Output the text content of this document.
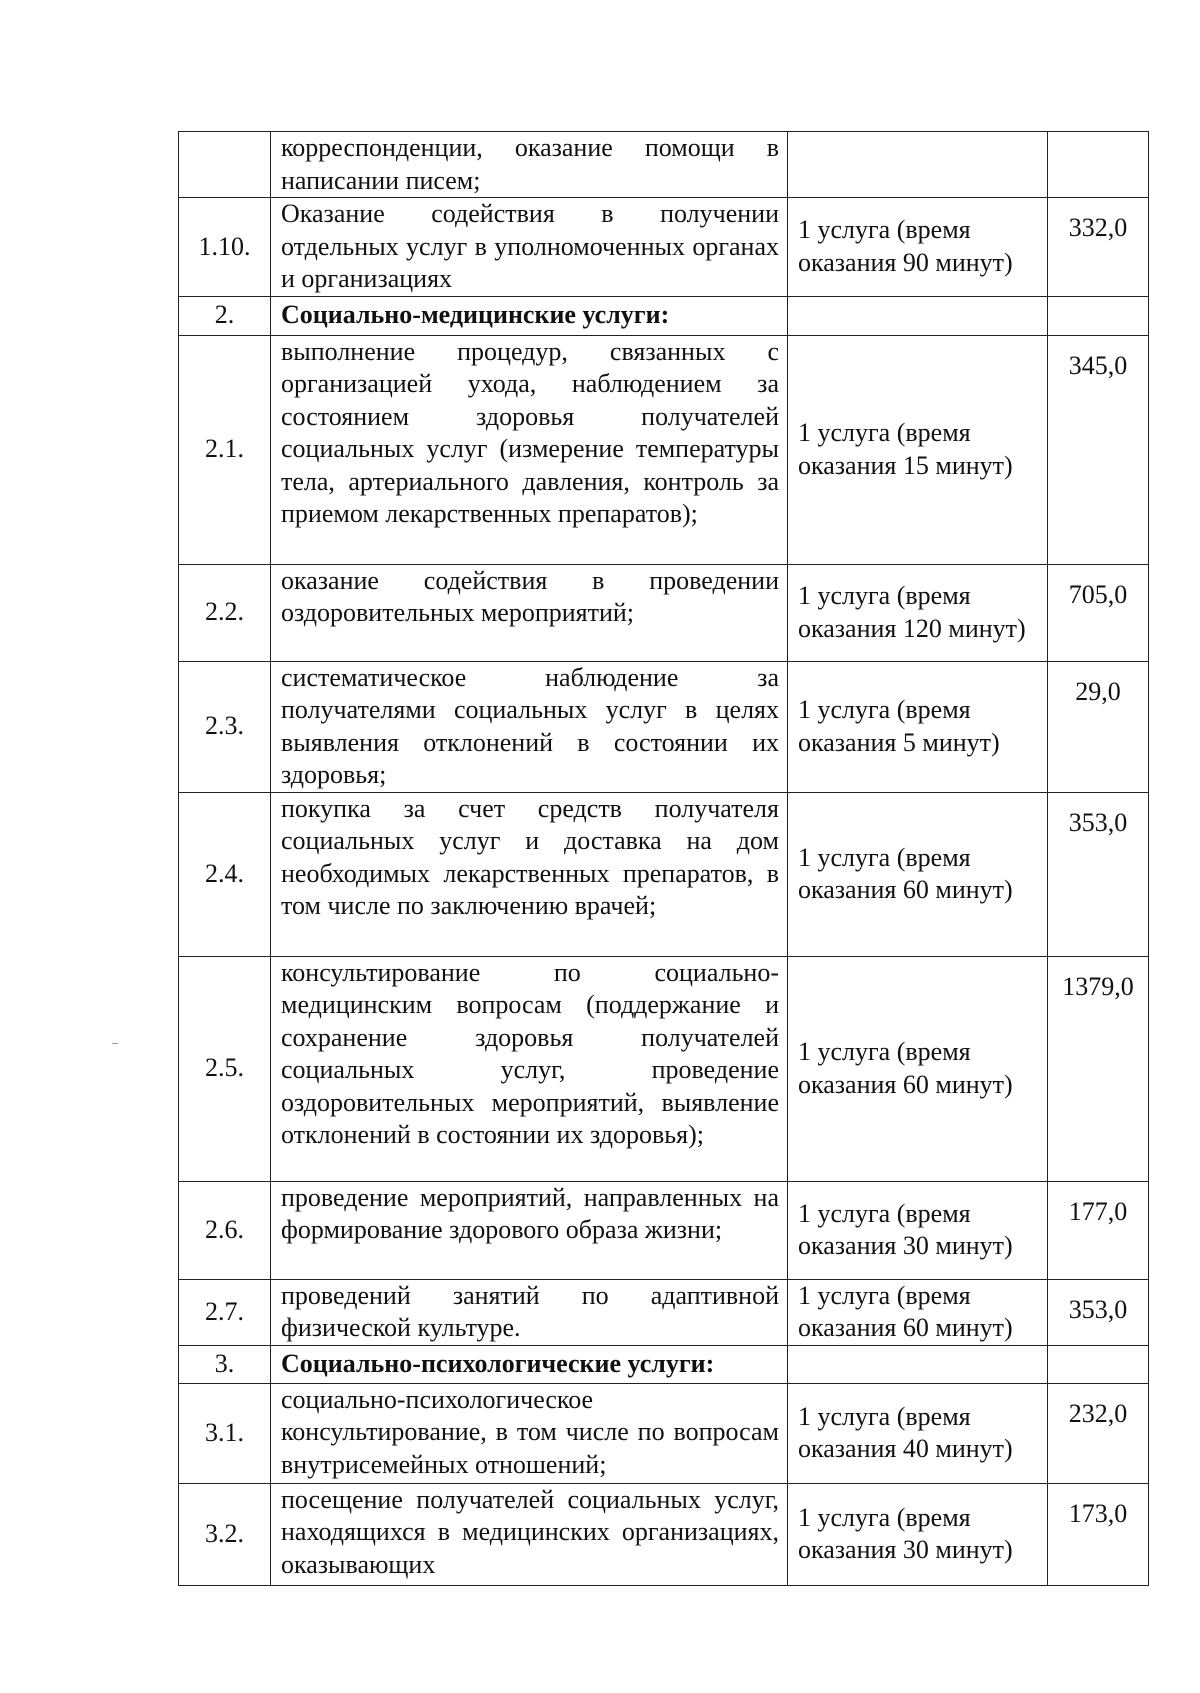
	корреспонденции, оказание помощи в написании писем;		
1.10.	Оказание содействия в получении отдельных услуг в уполномоченных органах и организациях	1 услуга (время оказания 90 минут)	332,0
2.	Социально-медицинские услуги:		
2.1.	выполнение процедур, связанных с организацией ухода, наблюдением за состоянием здоровья получателей социальных услуг (измерение температуры тела, артериального давления, контроль за приемом лекарственных препаратов);	1 услуга (время оказания 15 минут)	345,0
2.2.	оказание содействия в проведении оздоровительных мероприятий;	1 услуга (время оказания 120 минут)	705,0
2.3.	систематическое наблюдение за получателями социальных услуг в целях выявления отклонений в состоянии их здоровья;	1 услуга (время оказания 5 минут)	29,0
2.4.	покупка за счет средств получателя социальных услуг и доставка на дом необходимых лекарственных препаратов, в том числе по заключению врачей;	1 услуга (время оказания 60 минут)	353,0
2.5.	консультирование по социально-медицинским вопросам (поддержание и сохранение здоровья получателей социальных услуг, проведение оздоровительных мероприятий, выявление отклонений в состоянии их здоровья);	1 услуга (время оказания 60 минут)	1379,0
2.6.	проведение мероприятий, направленных на формирование здорового образа жизни;	1 услуга (время оказания 30 минут)	177,0
2.7.	проведений занятий по адаптивной физической культуре.	1 услуга (время оказания 60 минут)	353,0
3.	Социально-психологические услуги:		
3.1.	социально-психологическое консультирование, в том числе по вопросам внутрисемейных отношений;	1 услуга (время оказания 40 минут)	232,0
3.2.	посещение получателей социальных услуг, находящихся в медицинских организациях, оказывающих	1 услуга (время оказания 30 минут)	173,0
